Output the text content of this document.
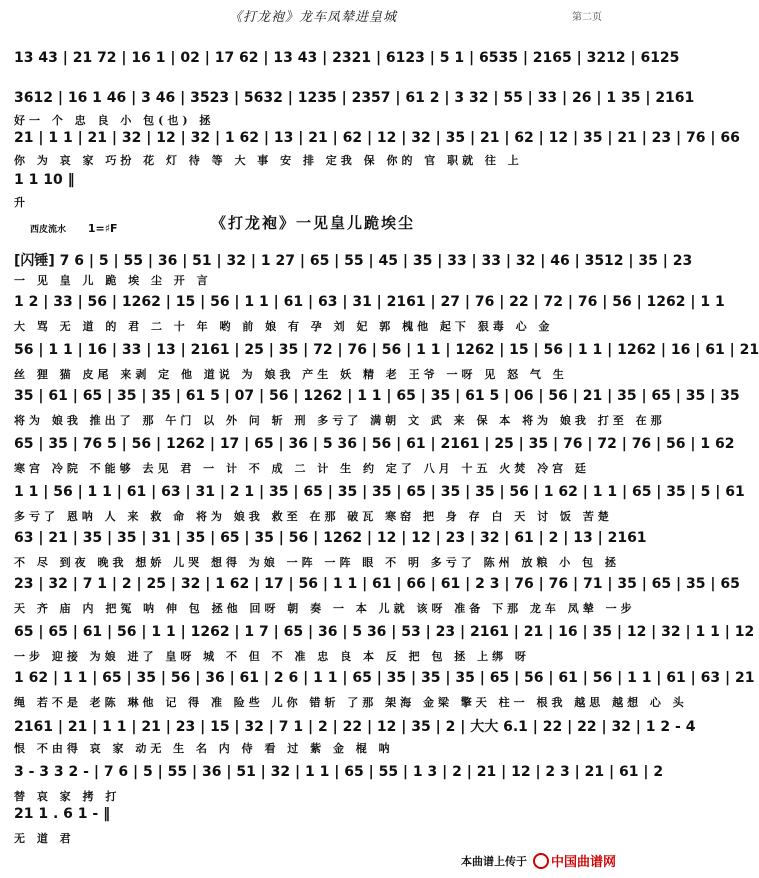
《打龙袍》龙车凤辇进皇城	第二页
13 43 | 21 72 | 16 1 | 02 | 17 62 | 13 43 | 2321 | 6123 | 5 1 | 6535 | 2165 | 3212 | 6125
3612 | 16 1 46 | 3 46 | 3523 | 5632 | 1235 | 2357 | 61 2 | 3 32 | 55 | 33 | 26 | 1 35 | 2161
好一 个 忠 良 小 包(也) 拯
21 | 1 1 | 21 | 32 | 12 | 32 | 1 62 | 13 | 21 | 62 | 12 | 32 | 35 | 21 | 62 | 12 | 35 | 21 | 23 | 76 | 66
你 为 哀 家 巧扮 花 灯 待 等 大 事 安 排 定我 保 你的 官 职就 往 上
1 1 10 ‖
升
《打龙袍》一见皇儿跪埃尘
西皮流水 1=♯F
[闪锤] 7 6 | 5 | 55 | 36 | 51 | 32 | 1 27 | 65 | 55 | 45 | 35 | 33 | 33 | 32 | 46 | 3512 | 35 | 23
一 见 皇 儿 跪 埃 尘 开 言
1 2 | 33 | 56 | 1262 | 15 | 56 | 1 1 | 61 | 63 | 31 | 2161 | 27 | 76 | 22 | 72 | 76 | 56 | 1262 | 1 1
大 骂 无 道 的 君 二 十 年 哟 前 娘 有 孕 刘 妃 郭 槐他 起下 狠毒 心 金
56 | 1 1 | 16 | 33 | 13 | 2161 | 25 | 35 | 72 | 76 | 56 | 1 1 | 1262 | 15 | 56 | 1 1 | 1262 | 16 | 61 | 21
丝 狸 猫 皮尾 来剥 定 他 道说 为 娘我 产生 妖 精 老 王爷 一呀 见 怒 气 生
35 | 61 | 65 | 35 | 35 | 61 5 | 07 | 56 | 1262 | 1 1 | 65 | 35 | 61 5 | 06 | 56 | 21 | 35 | 65 | 35 | 35
将为 娘我 推出了 那 午门 以 外 问 斩 刑 多亏了 满朝 文 武 来 保 本 将为 娘我 打至 在那
65 | 35 | 76 5 | 56 | 1262 | 17 | 65 | 36 | 5 36 | 56 | 61 | 2161 | 25 | 35 | 76 | 72 | 76 | 56 | 1 62
寒宫 冷院 不能够 去见 君 一 计 不 成 二 计 生 约 定了 八月 十五 火焚 冷宫 廷
1 1 | 56 | 1 1 | 61 | 63 | 31 | 2 1 | 35 | 65 | 35 | 35 | 65 | 35 | 35 | 56 | 1 62 | 1 1 | 65 | 35 | 5 | 61
多亏了 恩呐 人 来 救 命 将为 娘我 救至 在那 破瓦 寒窑 把 身 存 白 天 讨 饭 苦楚
63 | 21 | 35 | 35 | 31 | 35 | 65 | 35 | 56 | 1262 | 12 | 12 | 23 | 32 | 61 | 2 | 13 | 2161
不 尽 到夜 晚我 想娇 儿哭 想得 为娘 一阵 一阵 眼 不 明 多亏了 陈州 放粮 小 包 拯
23 | 32 | 7 1 | 2 | 25 | 32 | 1 62 | 17 | 56 | 1 1 | 61 | 66 | 61 | 2 3 | 76 | 76 | 71 | 35 | 65 | 35 | 65
天 齐 庙 内 把冤 呐 伸 包 拯他 回呀 朝 奏 一 本 儿就 该呀 准备 下那 龙车 凤辇 一步
65 | 65 | 61 | 56 | 1 1 | 1262 | 1 7 | 65 | 36 | 5 36 | 53 | 23 | 2161 | 21 | 16 | 35 | 12 | 32 | 1 1 | 12
一步 迎接 为娘 进了 皇呀 城 不 但 不 准 忠 良 本 反 把 包 拯 上绑 呀
1 62 | 1 1 | 65 | 35 | 56 | 36 | 61 | 2 6 | 1 1 | 65 | 35 | 35 | 35 | 65 | 56 | 61 | 56 | 1 1 | 61 | 63 | 21
绳 若不是 老陈 琳他 记 得 准 险些 儿你 错斩 了那 架海 金梁 擎天 柱一 根我 越思 越想 心 头
2161 | 21 | 1 1 | 21 | 23 | 15 | 32 | 7 1 | 2 | 22 | 12 | 35 | 2 | 大大 6.1 | 22 | 22 | 32 | 1 2 - 4
恨 不由得 哀 家 动无 生 名 内 侍 看 过 紫 金 棍 呐
3 - 3 3 2 - | 7 6 | 5 | 55 | 36 | 51 | 32 | 1 1 | 65 | 55 | 1 3 | 2 | 21 | 12 | 2 3 | 21 | 61 | 2
替 哀 家 拷 打
21 1 . 6 1 - ‖
无 道 君
本曲谱上传于 中国曲谱网
